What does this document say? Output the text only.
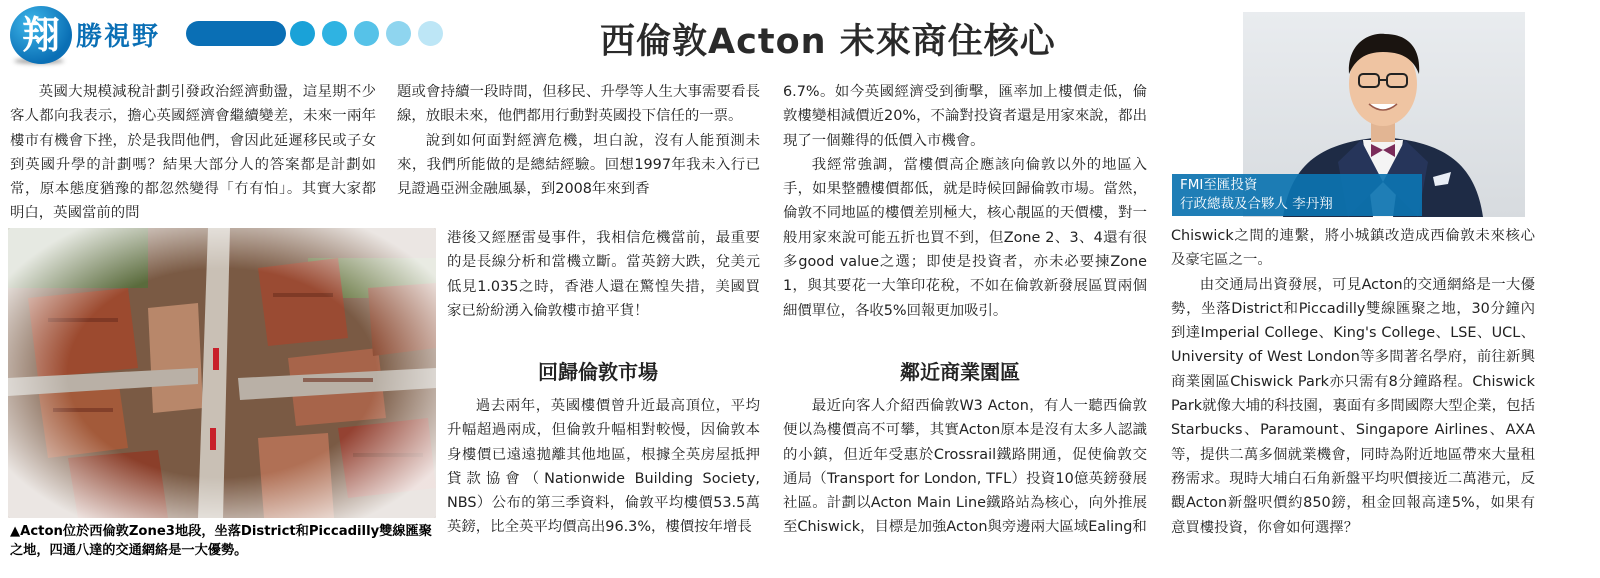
翔 勝視野	西倫敦Acton 未來商住核心

英國大規模減稅計劃引發政治經濟動盪，這星期不少客人都向我表示，擔心英國經濟會繼續變差，未來一兩年樓市有機會下挫，於是我問他們，會因此延遲移民或子女到英國升學的計劃嗎？結果大部分人的答案都是計劃如常，原本態度猶豫的都忽然變得「冇有怕」。其實大家都明白，英國當前的問

▲Acton位於西倫敦Zone3地段，坐落District和Piccadilly雙線匯聚之地，四通八達的交通網絡是一大優勢。

題或會持續一段時間，但移民、升學等人生大事需要看長線，放眼未來，他們都用行動對英國投下信任的一票。

說到如何面對經濟危機，坦白說，沒有人能預測未來，我們所能做的是總結經驗。回想1997年我未入行已見證過亞洲金融風暴，到2008年來到香

港後又經歷雷曼事件，我相信危機當前，最重要的是長線分析和當機立斷。當英鎊大跌，兌美元低見1.035之時，香港人還在驚惶失措，美國買家已紛紛湧入倫敦樓市搶平貨！

回歸倫敦市場

過去兩年，英國樓價曾升近最高頂位，平均升幅超過兩成，但倫敦升幅相對較慢，因倫敦本身樓價已遠遠拋離其他地區，根據全英房屋抵押貸款協會（Nationwide Building Society, NBS）公布的第三季資料，倫敦平均樓價53.5萬英鎊，比全英平均價高出96.3%，樓價按年增長

6.7%。如今英國經濟受到衝擊，匯率加上樓價走低，倫敦樓變相減價近20%，不論對投資者還是用家來說，都出現了一個難得的低價入市機會。

我經常強調，當樓價高企應該向倫敦以外的地區入手，如果整體樓價都低，就是時候回歸倫敦市場。當然，倫敦不同地區的樓價差別極大，核心靚區的天價樓，對一般用家來說可能五折也買不到，但Zone 2、3、4還有很多good value之選；即使是投資者，亦未必要揀Zone 1，與其要花一大筆印花稅，不如在倫敦新發展區買兩個細價單位，各收5%回報更加吸引。

鄰近商業園區

最近向客人介紹西倫敦W3 Acton，有人一聽西倫敦便以為樓價高不可攀，其實Acton原本是沒有太多人認識的小鎮，但近年受惠於Crossrail鐵路開通，促使倫敦交通局（Transport for London, TFL）投資10億英鎊發展社區。計劃以Acton Main Line鐵路站為核心，向外推展至Chiswick，目標是加強Acton與旁邊兩大區域Ealing和

FMI至匯投資
行政總裁及合夥人 李丹翔

Chiswick之間的連繫，將小城鎮改造成西倫敦未來核心及豪宅區之一。

由交通局出資發展，可見Acton的交通網絡是一大優勢，坐落District和Piccadilly雙線匯聚之地，30分鐘內到達Imperial College、King's College、LSE、UCL、University of West London等多間著名學府，前往新興商業園區Chiswick Park亦只需有8分鐘路程。Chiswick Park就像大埔的科技園，裏面有多間國際大型企業，包括Starbucks、Paramount、Singapore Airlines、AXA等，提供二萬多個就業機會，同時為附近地區帶來大量租務需求。現時大埔白石角新盤平均呎價接近二萬港元，反觀Acton新盤呎價約850鎊，租金回報高達5%，如果有意買樓投資，你會如何選擇？
